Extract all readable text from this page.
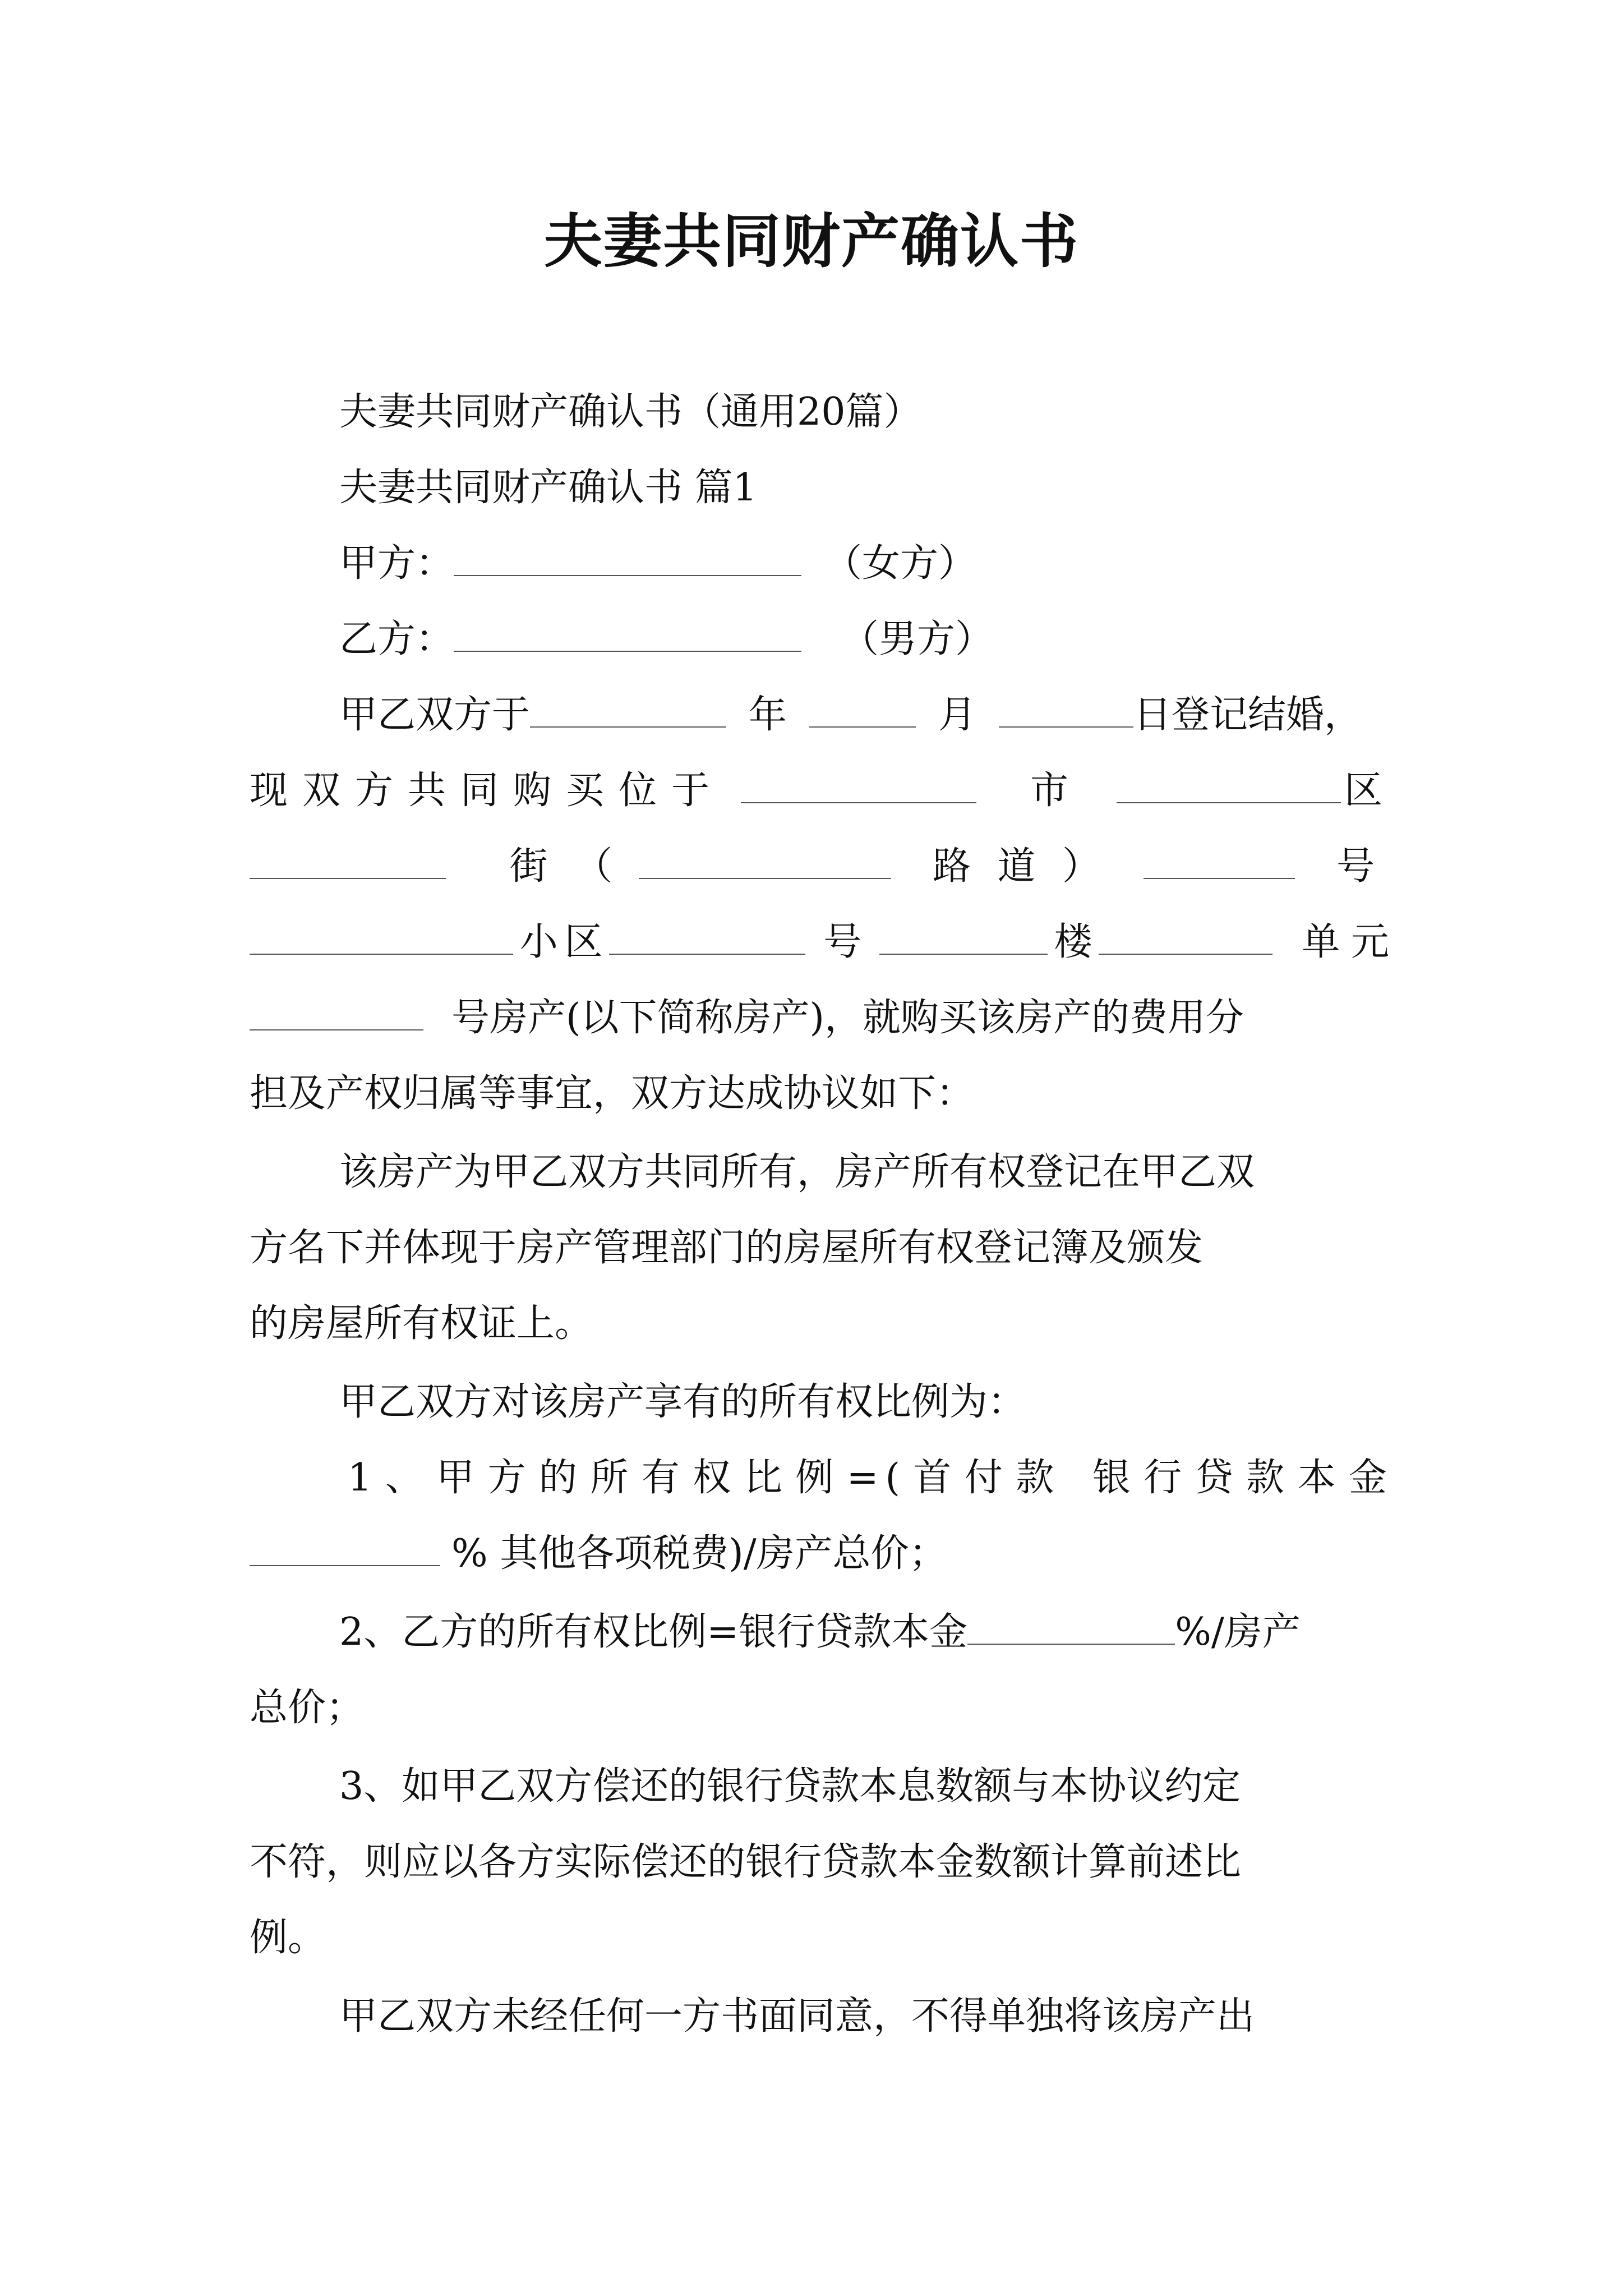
夫妻共同财产确认书
夫妻共同财产确认书（通用20篇）
夫妻共同财产确认书 篇1
甲方：	（女方）
乙方：	（男方）
甲乙双方于	年	月	日登记结婚，
现双方共同购买位于	市	区
街（	路道）	号
小区	号	楼	单元
号房产(以下简称房产)，就购买该房产的费用分
担及产权归属等事宜，双方达成协议如下：
该房产为甲乙双方共同所有，房产所有权登记在甲乙双
方名下并体现于房产管理部门的房屋所有权登记簿及颁发
的房屋所有权证上。
甲乙双方对该房产享有的所有权比例为：
1、甲方的所有权比例=(首付款 银行贷款本金
% 其他各项税费)/房产总价；
2、乙方的所有权比例=银行贷款本金	%/房产
总价；
3、如甲乙双方偿还的银行贷款本息数额与本协议约定
不符，则应以各方实际偿还的银行贷款本金数额计算前述比
例。
甲乙双方未经任何一方书面同意，不得单独将该房产出
